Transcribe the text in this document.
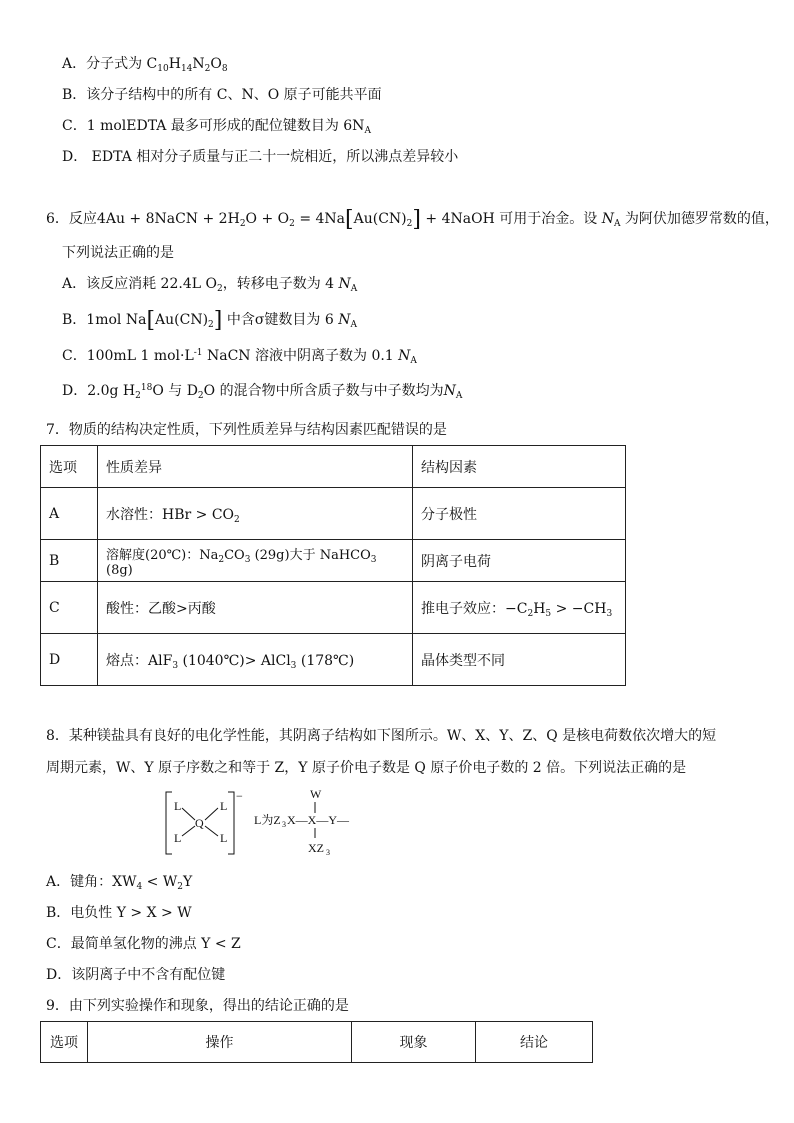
A．分子式为 $C_{10}H_{14}N_2O_8$
B．该分子结构中的所有 C、N、O 原子可能共平面
C．1 molEDTA 最多可形成的配位键数目为 $6N_A$
D． EDTA 相对分子质量与正二十一烷相近，所以沸点差异较小
6．反应4Au + 8NaCN + $2H_2O + O_2 = 4Na[Au(CN)_2]$ + 4NaOH 可用于冶金。设 $N_A$ 为阿伏加德罗常数的值，
下列说法正确的是
A．该反应消耗 22.4L $O_2$，转移电子数为 4 $N_A$
B．1mol $Na[Au(CN)_2]$ 中含σ键数目为 6 $N_A$
C．100mL 1 $mol\cdot L^{-1}$ NaCN 溶液中阴离子数为 0.1 $N_A$
D．2.0g $H_2^{18}O$ 与 $D_2O$ 的混合物中所含质子数与中子数均为$N_A$
7．物质的结构决定性质，下列性质差异与结构因素匹配错误的是
选项	性质差异	结构因素
A	水溶性：HBr > $CO_2$	分子极性
B	溶解度(20℃)：$Na_2CO_3$ (29g)大于 NaHCO$_3$ (8g)	阴离子电荷
C	酸性：乙酸>丙酸	推电子效应：$-C_2H_5 > -CH_3$
D	熔点：AlF$_3$ (1040℃)> AlCl$_3$ (178℃)	晶体类型不同
8．某种镁盐具有良好的电化学性能，其阴离子结构如下图所示。W、X、Y、Z、Q 是核电荷数依次增大的短
周期元素，W、Y 原子序数之和等于 Z，Y 原子价电子数是 Q 原子价电子数的 2 倍。下列说法正确的是
−
L	L
L	L
Q	L为Z 3 X—X—Y—
W
XZ 3
A．键角：$XW_4 < W_2Y$
B．电负性 Y > X > W
C．最简单氢化物的沸点 Y < Z
D．该阴离子中不含有配位键
9．由下列实验操作和现象，得出的结论正确的是
选项	操作	现象	结论
